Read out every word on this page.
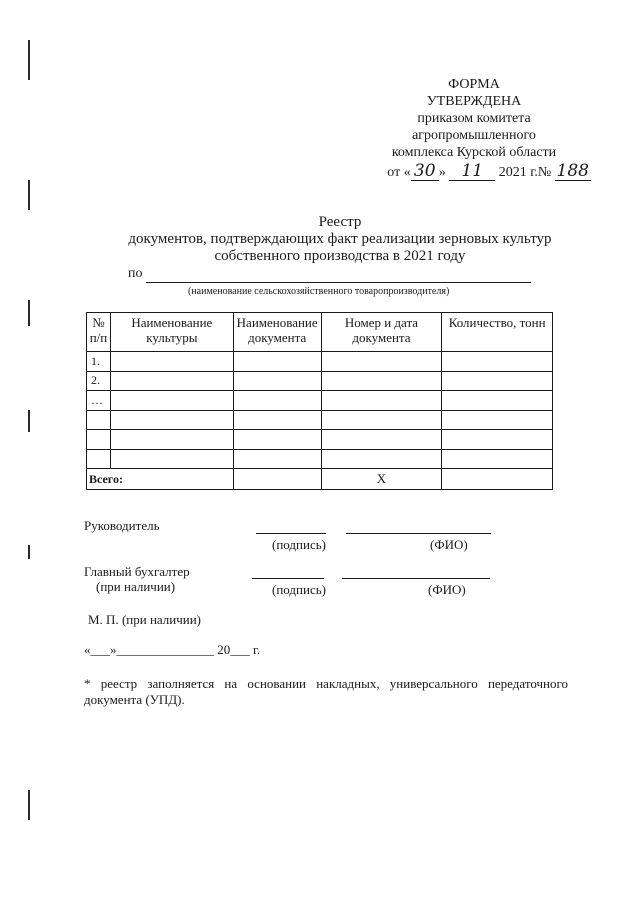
ФОРМА
УТВЕРЖДЕНА
приказом комитета
агропромышленного
комплекса Курской области
от « 30 » 11 2021 г.№ 188
Реестр
документов, подтверждающих факт реализации зерновых культур
собственного производства в 2021 году
по
(наименование сельскохозяйственного товаропроизводителя)
№ п/п	Наименование культуры	Наименование документа	Номер и дата документа	Количество, тонн
1.				
2.				
…				

Всего:			X	
Руководитель
(подпись)	(ФИО)
Главный бухгалтер
(при наличии)	(подпись)	(ФИО)
М. П. (при наличии)
«___»_______________ 20___ г.
* реестр заполняется на основании накладных, универсального передаточного документа (УПД).
